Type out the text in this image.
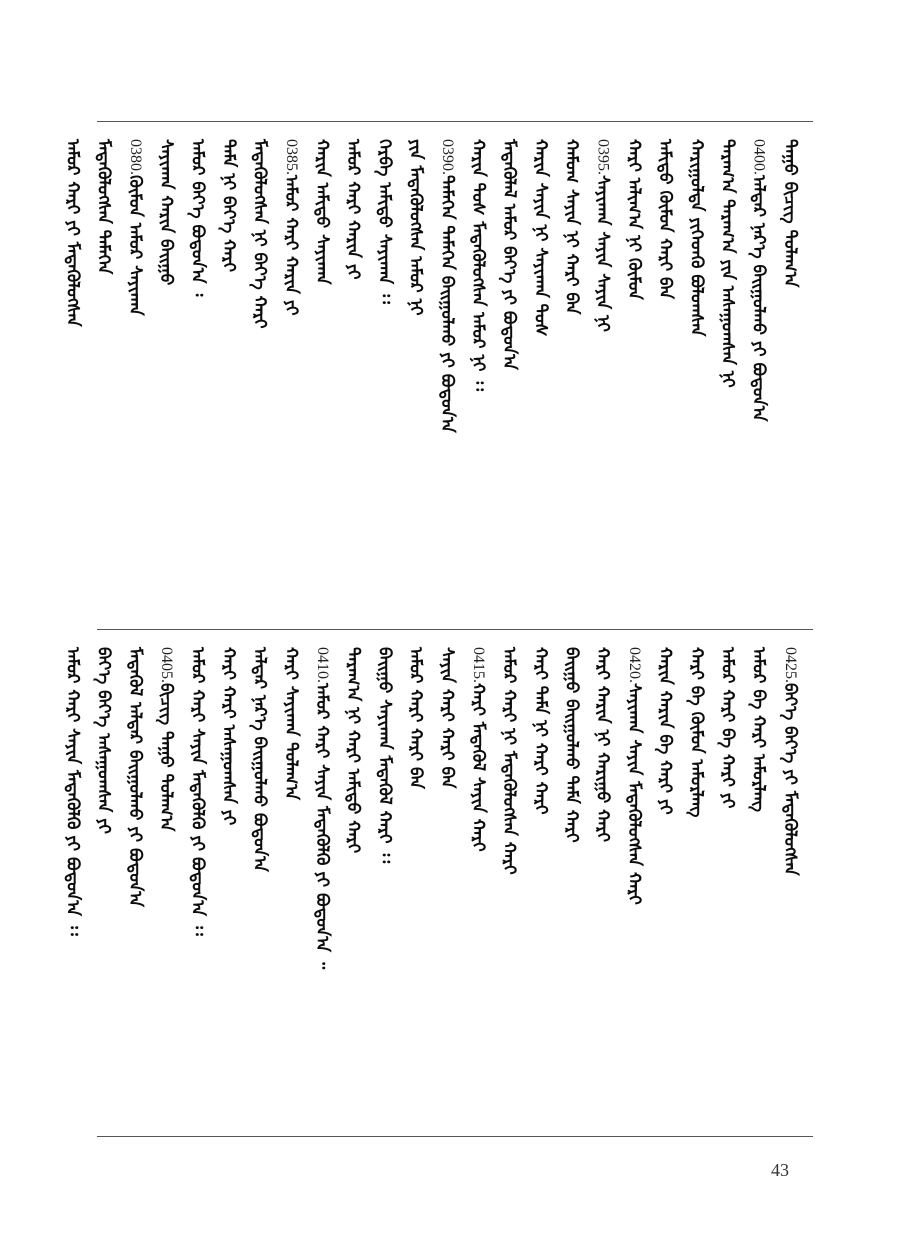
ᠳᠠᠭᠤ ᠪᠢᠴᠢᠭ᠌ ᠳᠤᠯᠠᠭ᠎ᠠ
0400.ᠠᠯᠳᠠᠷ ᠨᠡᠷ᠎ᠡ ᠪᠠᠢᠭᠤᠯᠬᠤ ᠶᠢ ᠪᠤᠳᠤᠨ᠎ᠠ
ᠲᠠᠷᠠᠭ᠎ᠠ ᠲᠠᠷᠠᠭ᠎ᠠ ᠶᠢᠨ ᠠᠰᠠᠭᠤᠭᠰᠠᠨ ᠨᠢ
ᠬᠠᠷᠢᠭᠤᠯᠲᠠ ᠶᠢᠭᠡᠳᠬᠦ ᠪᠤᠯᠤᠭᠰᠠᠨ
ᠠᠮᠢᠳᠤ ᠬᠦᠮᠦᠨ ᠬᠠᠷᠢ ᠪᠡᠨ
ᠬᠠᠷᠢ ᠠᠯᠢᠭ᠎ᠠ ᠨᠢ ᠬᠦᠮᠦᠨ
0395.ᠰᠠᠶᠢᠬᠠᠨ ᠰᠠᠶᠢᠨ ᠰᠠᠶᠢᠨ ᠨᠢ
ᠬᠠᠮᠤᠭ ᠰᠠᠶᠢᠨ ᠨᠢ ᠬᠠᠷᠢ ᠪᠡᠨ
ᠬᠠᠷᠢᠨ ᠰᠠᠶᠢᠨ ᠨᠢ ᠰᠠᠶᠢᠬᠠᠨ ᠲᠤᠰ
ᠮᠡᠳᠡᠭᠦᠯᠡᠯ ᠠᠮᠤᠷ ᠪᠡᠶ᠎ᠡ ᠶᠢ ᠪᠤᠳᠤᠨ᠎ᠠ
ᠬᠠᠷᠢᠨ ᠲᠤᠰ ᠮᠡᠳᠡᠭᠦᠯᠦᠭᠰᠡᠨ ᠠᠮᠤᠷ ᠨᠢ ᠄᠄
0390.ᠲᠡᠮᠡᠭᠡᠨ ᠲᠡᠮᠡᠭᠡᠨ ᠪᠠᠢᠭᠤᠯᠬᠤ ᠶᠢ ᠪᠤᠳᠤᠨ᠎ᠠ
ᠶᠢᠨ ᠮᠡᠳᠡᠭᠦᠯᠦᠭᠰᠡᠨ ᠠᠮᠤᠷ ᠨᠢ
ᠬᠡᠷᠪᠡ ᠠᠮᠢᠳᠤ ᠰᠠᠶᠢᠬᠠᠨ ᠄᠄
ᠠᠮᠤᠷ ᠬᠠᠷᠢ ᠬᠠᠷᠢᠨ ᠶᠢ
ᠬᠠᠷᠢᠨ ᠠᠮᠢᠳᠤ ᠰᠠᠶᠢᠬᠠᠨ
0385.ᠠᠮᠤᠷ ᠬᠠᠷᠢ ᠬᠠᠷᠢᠨ ᠶᠢ
ᠮᠡᠳᠡᠭᠦᠯᠦᠭᠰᠡᠨ ᠨᠢ ᠪᠡᠶ᠎ᠡ ᠬᠠᠷᠢ
ᠲᠡᠮᠡ ᠨᠢ ᠪᠡᠶ᠎ᠡ ᠬᠠᠷᠢ
ᠠᠮᠤᠷ ᠪᠡᠶ᠎ᠡ ᠪᠤᠳᠤᠨ᠎ᠠ ᠄
ᠰᠠᠶᠢᠬᠠᠨ ᠬᠠᠷᠢᠨ ᠪᠠᠢᠭᠤ
0380.ᠬᠦᠮᠦᠨ ᠠᠮᠤᠷ ᠰᠠᠶᠢᠬᠠᠨ
ᠮᠡᠳᠡᠭᠦᠯᠦᠭᠰᠡᠨ ᠲᠡᠮᠡᠭᠡᠨ
ᠠᠮᠤᠷ ᠬᠠᠷᠢ ᠶᠢ ᠮᠡᠳᠡᠭᠦᠯᠦᠭᠰᠡᠨ
0425.ᠪᠡᠶ᠎ᠡ ᠪᠡᠶ᠎ᠡ ᠶᠢ ᠮᠡᠳᠡᠭᠦᠯᠦᠭᠰᠡᠨ
ᠠᠮᠤᠷ ᠪᠠ ᠬᠠᠷᠢ ᠠᠮᠤᠷᠯᠠᠩ
ᠠᠮᠤᠷ ᠬᠠᠷᠢ ᠪᠠ ᠬᠠᠷᠢ ᠶᠢ
ᠬᠠᠷᠢ ᠪᠠ ᠬᠦᠮᠦᠨ ᠠᠮᠤᠷᠯᠠᠩ
ᠬᠠᠷᠢᠨ ᠬᠠᠷᠢᠨ ᠪᠠ ᠬᠠᠷᠢ ᠶᠢ
0420.ᠰᠠᠶᠢᠬᠠᠨ ᠰᠠᠶᠢᠨ ᠮᠡᠳᠡᠭᠦᠯᠦᠭᠰᠡᠨ ᠬᠠᠷᠢ
ᠬᠠᠷᠢ ᠬᠠᠷᠢᠨ ᠨᠢ ᠬᠠᠷᠢᠭᠤ ᠬᠠᠷᠢ
ᠪᠠᠢᠭᠤ ᠪᠠᠢᠭᠤᠯᠬᠤ ᠲᠡᠮᠡ ᠬᠠᠷᠢ
ᠬᠠᠷᠢ ᠲᠡᠮᠡ ᠨᠢ ᠬᠠᠷᠢ ᠬᠠᠷᠢ
ᠠᠮᠤᠷ ᠬᠠᠷᠢ ᠨᠢ ᠮᠡᠳᠡᠭᠦᠯᠦᠭᠰᠡᠨ ᠬᠠᠷᠢ
0415.ᠬᠠᠷᠢ ᠮᠡᠳᠡᠭᠦᠯ ᠰᠠᠶᠢᠨ ᠬᠠᠷᠢ
ᠰᠠᠶᠢᠨ ᠬᠠᠷᠢ ᠬᠠᠷᠢ ᠪᠡᠨ
ᠠᠮᠤᠷ ᠬᠠᠷᠢ ᠬᠠᠷᠢ ᠪᠡᠨ
ᠪᠠᠢᠭᠤ ᠰᠠᠶᠢᠬᠠᠨ ᠮᠡᠳᠡᠭᠦᠯ ᠬᠠᠷᠢ ᠄᠄
ᠲᠠᠷᠠᠭ᠎ᠠ ᠨᠢ ᠬᠠᠷᠢ ᠠᠮᠢᠳᠤ ᠬᠠᠷᠢ
0410.ᠠᠮᠤᠷ ᠬᠠᠷᠢ ᠰᠠᠶᠢᠨ ᠮᠡᠳᠡᠭᠦᠯᠬᠦ ᠶᠢ ᠪᠤᠳᠤᠨ᠎ᠠ ᠃
ᠬᠠᠷᠢ ᠰᠠᠶᠢᠬᠠᠨ ᠳᠤᠯᠠᠭ᠎ᠠ
ᠠᠯᠳᠠᠷ ᠨᠡᠷ᠎ᠡ ᠪᠠᠢᠭᠤᠯᠬᠤ ᠪᠤᠳᠤᠨ᠎ᠠ
ᠬᠠᠷᠢ ᠬᠠᠷᠢ ᠠᠰᠠᠭᠤᠭᠰᠠᠨ ᠶᠢ
ᠠᠮᠤᠷ ᠬᠠᠷᠢ ᠰᠠᠶᠢᠨ ᠮᠡᠳᠡᠭᠦᠯᠬᠦ ᠶᠢ ᠪᠤᠳᠤᠨ᠎ᠠ ᠄᠄
0405.ᠪᠢᠴᠢᠭ᠌ ᠳᠠᠭᠤ ᠳᠤᠯᠠᠭ᠎ᠠ
ᠮᠡᠳᠡᠭᠦᠯ ᠠᠯᠳᠠᠷ ᠪᠠᠢᠭᠤᠯᠬᠤ ᠶᠢ ᠪᠤᠳᠤᠨ᠎ᠠ
ᠪᠡᠶ᠎ᠡ ᠪᠡᠶ᠎ᠡ ᠠᠰᠠᠭᠤᠭᠰᠠᠨ ᠶᠢ
ᠠᠮᠤᠷ ᠬᠠᠷᠢ ᠰᠠᠶᠢᠨ ᠮᠡᠳᠡᠭᠦᠯᠬᠦ ᠶᠢ ᠪᠤᠳᠤᠨ᠎ᠠ ᠄᠄
43
